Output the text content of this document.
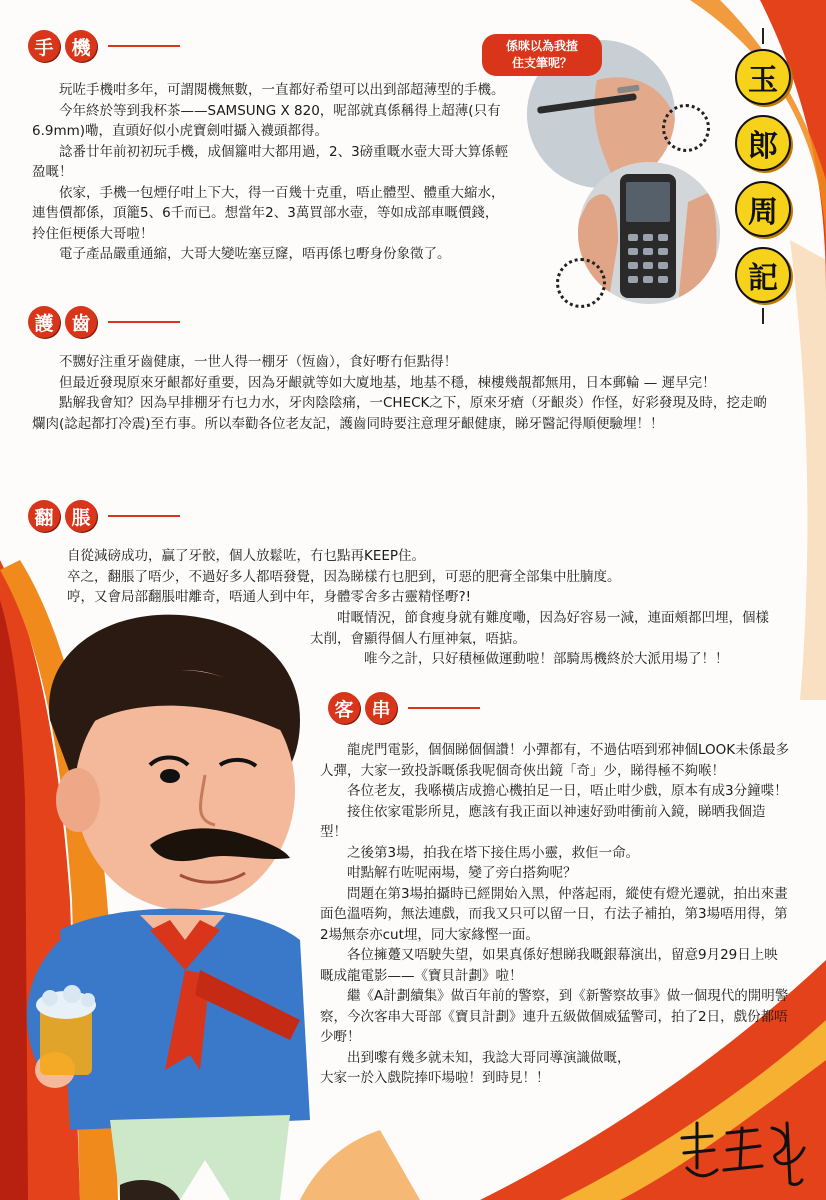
手 機

玩咗手機咁多年，可謂閱機無數，一直都好希望可以出到部超薄型的手機。

今年終於等到我杯茶——SAMSUNG X 820，呢部就真係稱得上超薄(只有6.9mm)嘞，直頭好似小虎寶劍咁攝入襪頭都得。

諗番廿年前初初玩手機，成個籮咁大都用過，2、3磅重嘅水壺大哥大算係輕盈嘅！

依家，手機一包煙仔咁上下大，得一百幾十克重，唔止體型、體重大縮水，連售價都係，頂籠5、6千而已。想當年2、3萬買部水壺，等如成部車嘅價錢，拎住佢梗係大哥啦！

電子產品嚴重通縮，大哥大變咗塞豆窿，唔再係乜嘢身份象徵了。

係咪以為我揸
住支筆呢？	玉
郎
周
記
護 齒

不嬲好注重牙齒健康，一世人得一棚牙（恆齒），食好嘢冇佢點得！

但最近發現原來牙齦都好重要，因為牙齦就等如大廈地基，地基不穩，棟樓幾靚都無用，日本郵輪 — 遲早完！

點解我會知？因為早排棚牙冇乜力水，牙肉陰陰痛，一CHECK之下，原來牙瘡（牙齦炎）作怪，好彩發現及時，挖走啲爛肉(諗起都打冷震)至冇事。所以奉勸各位老友記，護齒同時要注意理牙齦健康，睇牙醫記得順便驗埋！！

翻 脹

自從減磅成功，贏了牙骹，個人放鬆咗，冇乜點再KEEP住。

卒之，翻脹了唔少，不過好多人都唔發覺，因為睇樣冇乜肥到，可惡的肥膏全部集中肚腩度。

哼，又會局部翻脹咁離奇，唔通人到中年，身體零舍多古靈精怪嘢?!

咁嘅情況，節食瘦身就有難度嘞，因為好容易一減，連面頰都凹埋，個樣太削，會顯得個人冇厘神氣，唔掂。

唯今之計，只好積極做運動啦！部騎馬機終於大派用場了！！

客 串

龍虎門電影，個個睇個個讚！小彈都有，不過估唔到邪神個LOOK未係最多人彈，大家一致投訴嘅係我呢個奇俠出鏡「奇」少，睇得極不夠喉！

各位老友，我喺橫店成擔心機拍足一日，唔止咁少戲，原本有成3分鐘喋！

接住依家電影所見，應該有我正面以神速好勁咁衝前入鏡，睇晒我個造型！

之後第3場，拍我在塔下接住馬小靈，救佢一命。

咁點解冇咗呢兩場，變了旁白搭夠呢？

問題在第3場拍攝時已經開始入黑，仲落起雨，縱使有燈光遷就，拍出來畫面色溫唔夠，無法連戲，而我又只可以留一日，冇法子補拍，第3場唔用得，第2場無奈亦cut埋，同大家緣慳一面。

各位擁躉又唔駛失望，如果真係好想睇我嘅銀幕演出，留意9月29日上映嘅成龍電影——《寶貝計劃》啦！

繼《A計劃續集》做百年前的警察，到《新警察故事》做一個現代的開明警察，今次客串大哥部《寶貝計劃》連升五級做個威猛警司，拍了2日，戲份都唔少嘢！

出到嚟有幾多就未知，我諗大哥同導演識做嘅，大家一於入戲院捧吓場啦！到時見！！
